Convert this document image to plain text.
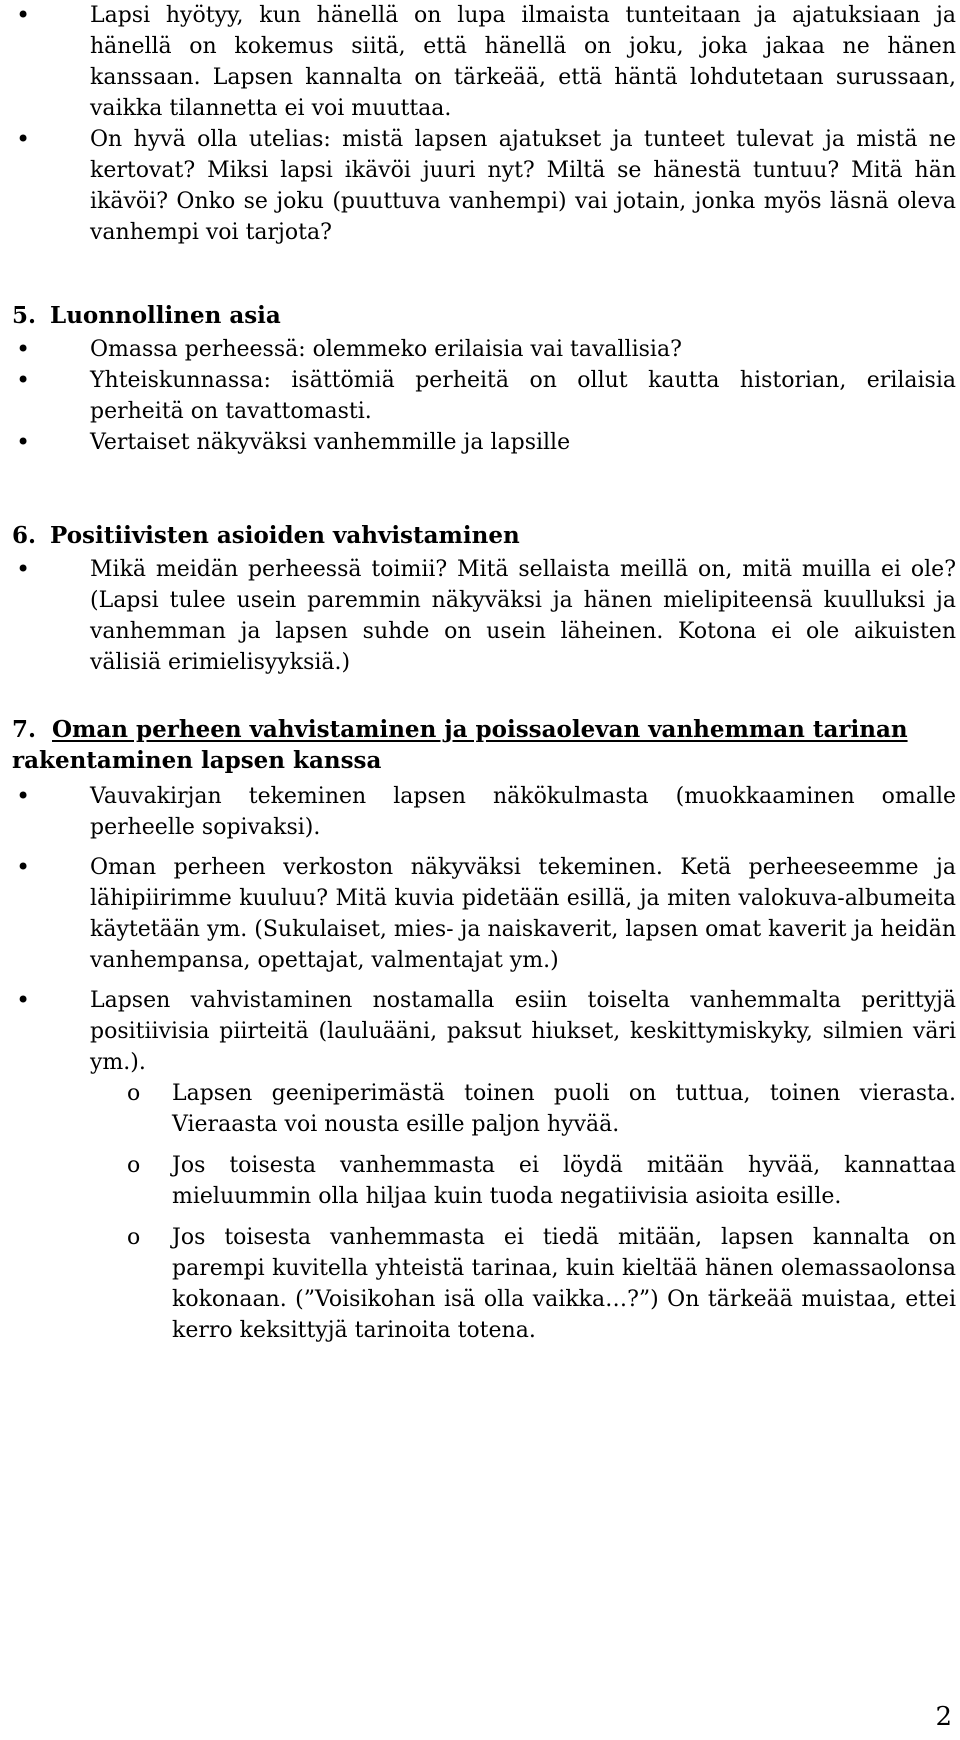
• Lapsi hyötyy, kun hänellä on lupa ilmaista tunteitaan ja ajatuksiaan ja hänellä on kokemus siitä, että hänellä on joku, joka jakaa ne hänen kanssaan. Lapsen kannalta on tärkeää, että häntä lohdutetaan surussaan, vaikka tilannetta ei voi muuttaa.
• On hyvä olla utelias: mistä lapsen ajatukset ja tunteet tulevat ja mistä ne kertovat? Miksi lapsi ikävöi juuri nyt? Miltä se hänestä tuntuu? Mitä hän ikävöi? Onko se joku (puuttuva vanhempi) vai jotain, jonka myös läsnä oleva vanhempi voi tarjota?
5. Luonnollinen asia
• Omassa perheessä: olemmeko erilaisia vai tavallisia?
• Yhteiskunnassa: isättömiä perheitä on ollut kautta historian, erilaisia perheitä on tavattomasti.
• Vertaiset näkyväksi vanhemmille ja lapsille
6. Positiivisten asioiden vahvistaminen
• Mikä meidän perheessä toimii? Mitä sellaista meillä on, mitä muilla ei ole? (Lapsi tulee usein paremmin näkyväksi ja hänen mielipiteensä kuulluksi ja vanhemman ja lapsen suhde on usein läheinen. Kotona ei ole aikuisten välisiä erimielisyyksiä.)
7. Oman perheen vahvistaminen ja poissaolevan vanhemman tarinan
rakentaminen lapsen kanssa
• Vauvakirjan tekeminen lapsen näkökulmasta (muokkaaminen omalle perheelle sopivaksi).
• Oman perheen verkoston näkyväksi tekeminen. Ketä perheeseemme ja lähipiirimme kuuluu? Mitä kuvia pidetään esillä, ja miten valokuva-albumeita käytetään ym. (Sukulaiset, mies- ja naiskaverit, lapsen omat kaverit ja heidän vanhempansa, opettajat, valmentajat ym.)
• Lapsen vahvistaminen nostamalla esiin toiselta vanhemmalta perittyjä positiivisia piirteitä (lauluääni, paksut hiukset, keskittymiskyky, silmien väri ym.).
o Lapsen geeniperimästä toinen puoli on tuttua, toinen vierasta. Vieraasta voi nousta esille paljon hyvää.
o Jos toisesta vanhemmasta ei löydä mitään hyvää, kannattaa mieluummin olla hiljaa kuin tuoda negatiivisia asioita esille.
o Jos toisesta vanhemmasta ei tiedä mitään, lapsen kannalta on parempi kuvitella yhteistä tarinaa, kuin kieltää hänen olemassaolonsa kokonaan. (”Voisikohan isä olla vaikka…?”) On tärkeää muistaa, ettei kerro keksittyjä tarinoita totena.
2
